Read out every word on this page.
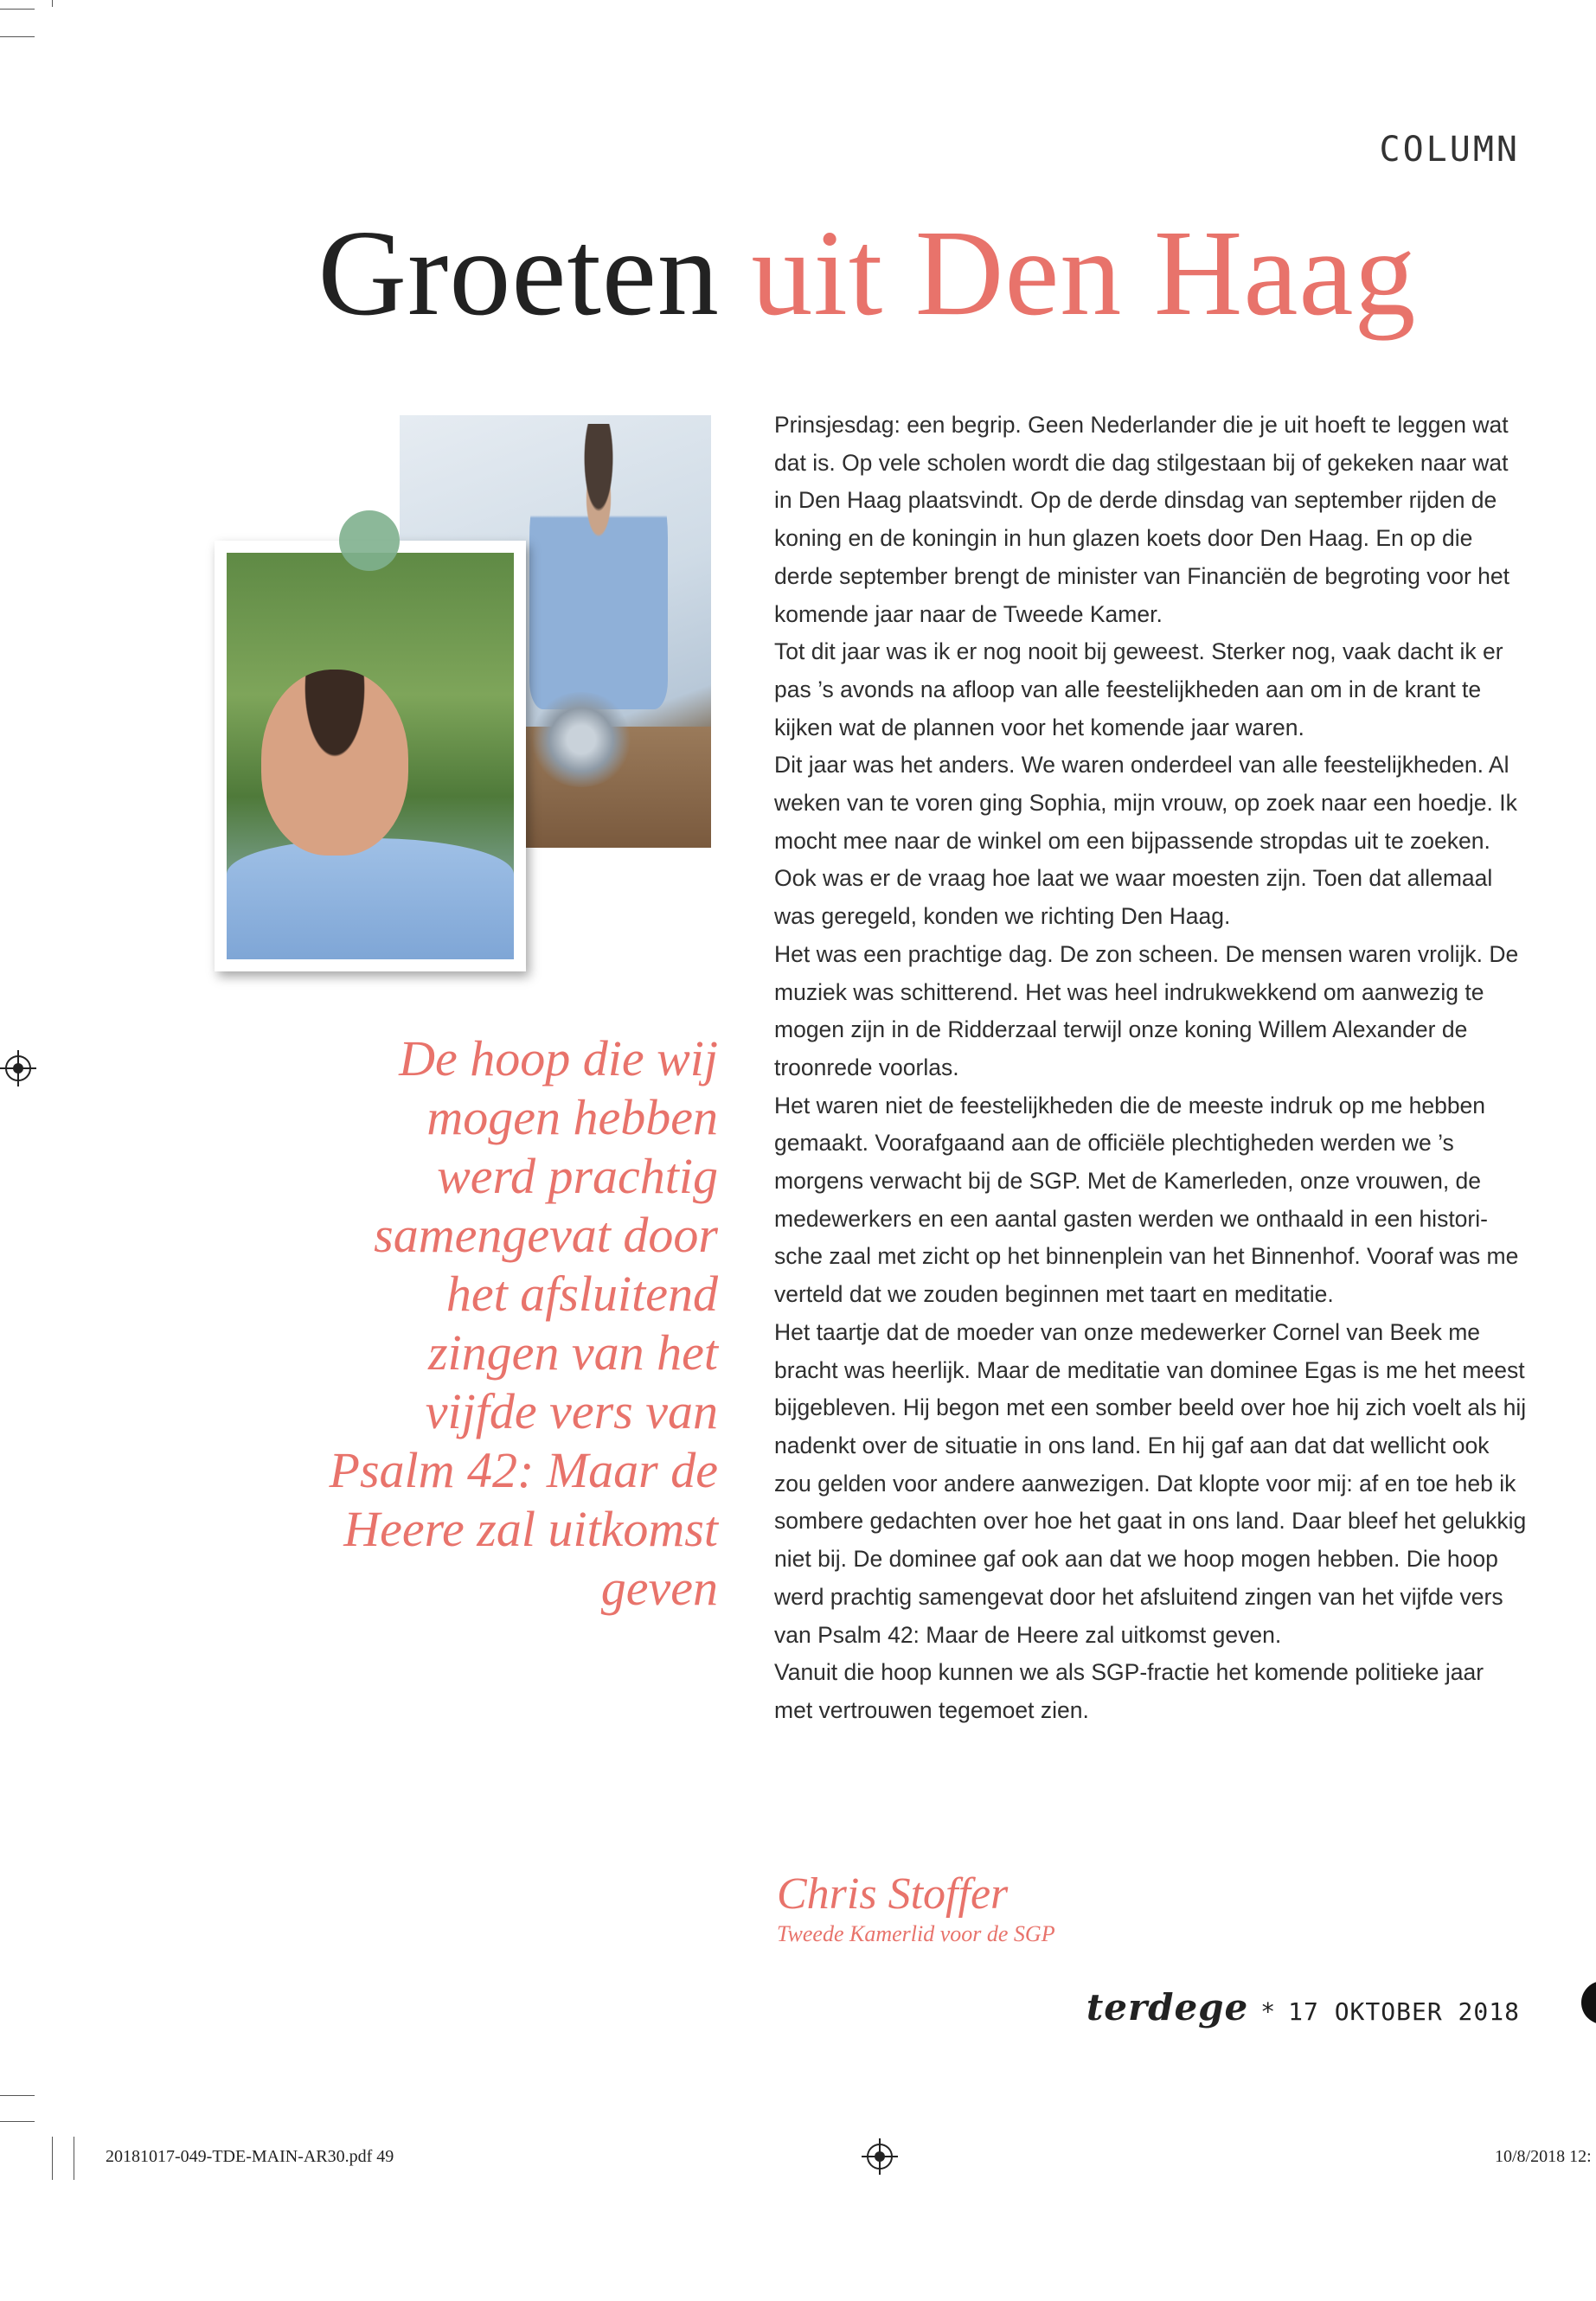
COLUMN
Groeten uit Den Haag

De hoop die wij mogen hebben werd prachtig samengevat door het afsluitend zingen van het vijfde vers van Psalm 42: Maar de Heere zal uitkomst geven

Prinsjesdag: een begrip. Geen Nederlander die je uit hoeft te leggen wat dat is. Op vele scholen wordt die dag stilgestaan bij of gekeken naar wat in Den Haag plaatsvindt. Op de derde dinsdag van september rijden de koning en de koningin in hun glazen koets door Den Haag. En op die derde september brengt de minister van Financiën de begroting voor het komende jaar naar de Tweede Kamer.

Tot dit jaar was ik er nog nooit bij geweest. Sterker nog, vaak dacht ik er pas ’s avonds na afloop van alle feestelijkheden aan om in de krant te kijken wat de plannen voor het komende jaar waren.

Dit jaar was het anders. We waren onderdeel van alle feestelijkheden. Al weken van te voren ging Sophia, mijn vrouw, op zoek naar een hoedje. Ik mocht mee naar de winkel om een bijpassende stropdas uit te zoeken. Ook was er de vraag hoe laat we waar moesten zijn. Toen dat allemaal was geregeld, konden we richting Den Haag.

Het was een prachtige dag. De zon scheen. De mensen waren vrolijk. De muziek was schitterend. Het was heel indrukwekkend om aanwezig te mogen zijn in de Ridderzaal terwijl onze koning Willem Alexander de troonrede voorlas.

Het waren niet de feestelijkheden die de meeste indruk op me hebben gemaakt. Voorafgaand aan de officiële plechtigheden werden we ’s morgens verwacht bij de SGP. Met de Kamerleden, onze vrouwen, de medewerkers en een aantal gasten werden we onthaald in een historische zaal met zicht op het binnenplein van het Binnenhof. Vooraf was me verteld dat we zouden beginnen met taart en meditatie.

Het taartje dat de moeder van onze medewerker Cornel van Beek me bracht was heerlijk. Maar de meditatie van dominee Egas is me het meest bijgebleven. Hij begon met een somber beeld over hoe hij zich voelt als hij nadenkt over de situatie in ons land. En hij gaf aan dat dat wellicht ook zou gelden voor andere aanwezigen. Dat klopte voor mij: af en toe heb ik sombere gedachten over hoe het gaat in ons land. Daar bleef het gelukkig niet bij. De dominee gaf ook aan dat we hoop mogen hebben. Die hoop werd prachtig samengevat door het afsluitend zingen van het vijfde vers van Psalm 42: Maar de Heere zal uitkomst geven.

Vanuit die hoop kunnen we als SGP-fractie het komende politieke jaar met vertrouwen tegemoet zien.

Chris Stoffer
Tweede Kamerlid voor de SGP
terdege * 17 OKTOBER 2018
20181017-049-TDE-MAIN-AR30.pdf 49	10/8/2018 12:
